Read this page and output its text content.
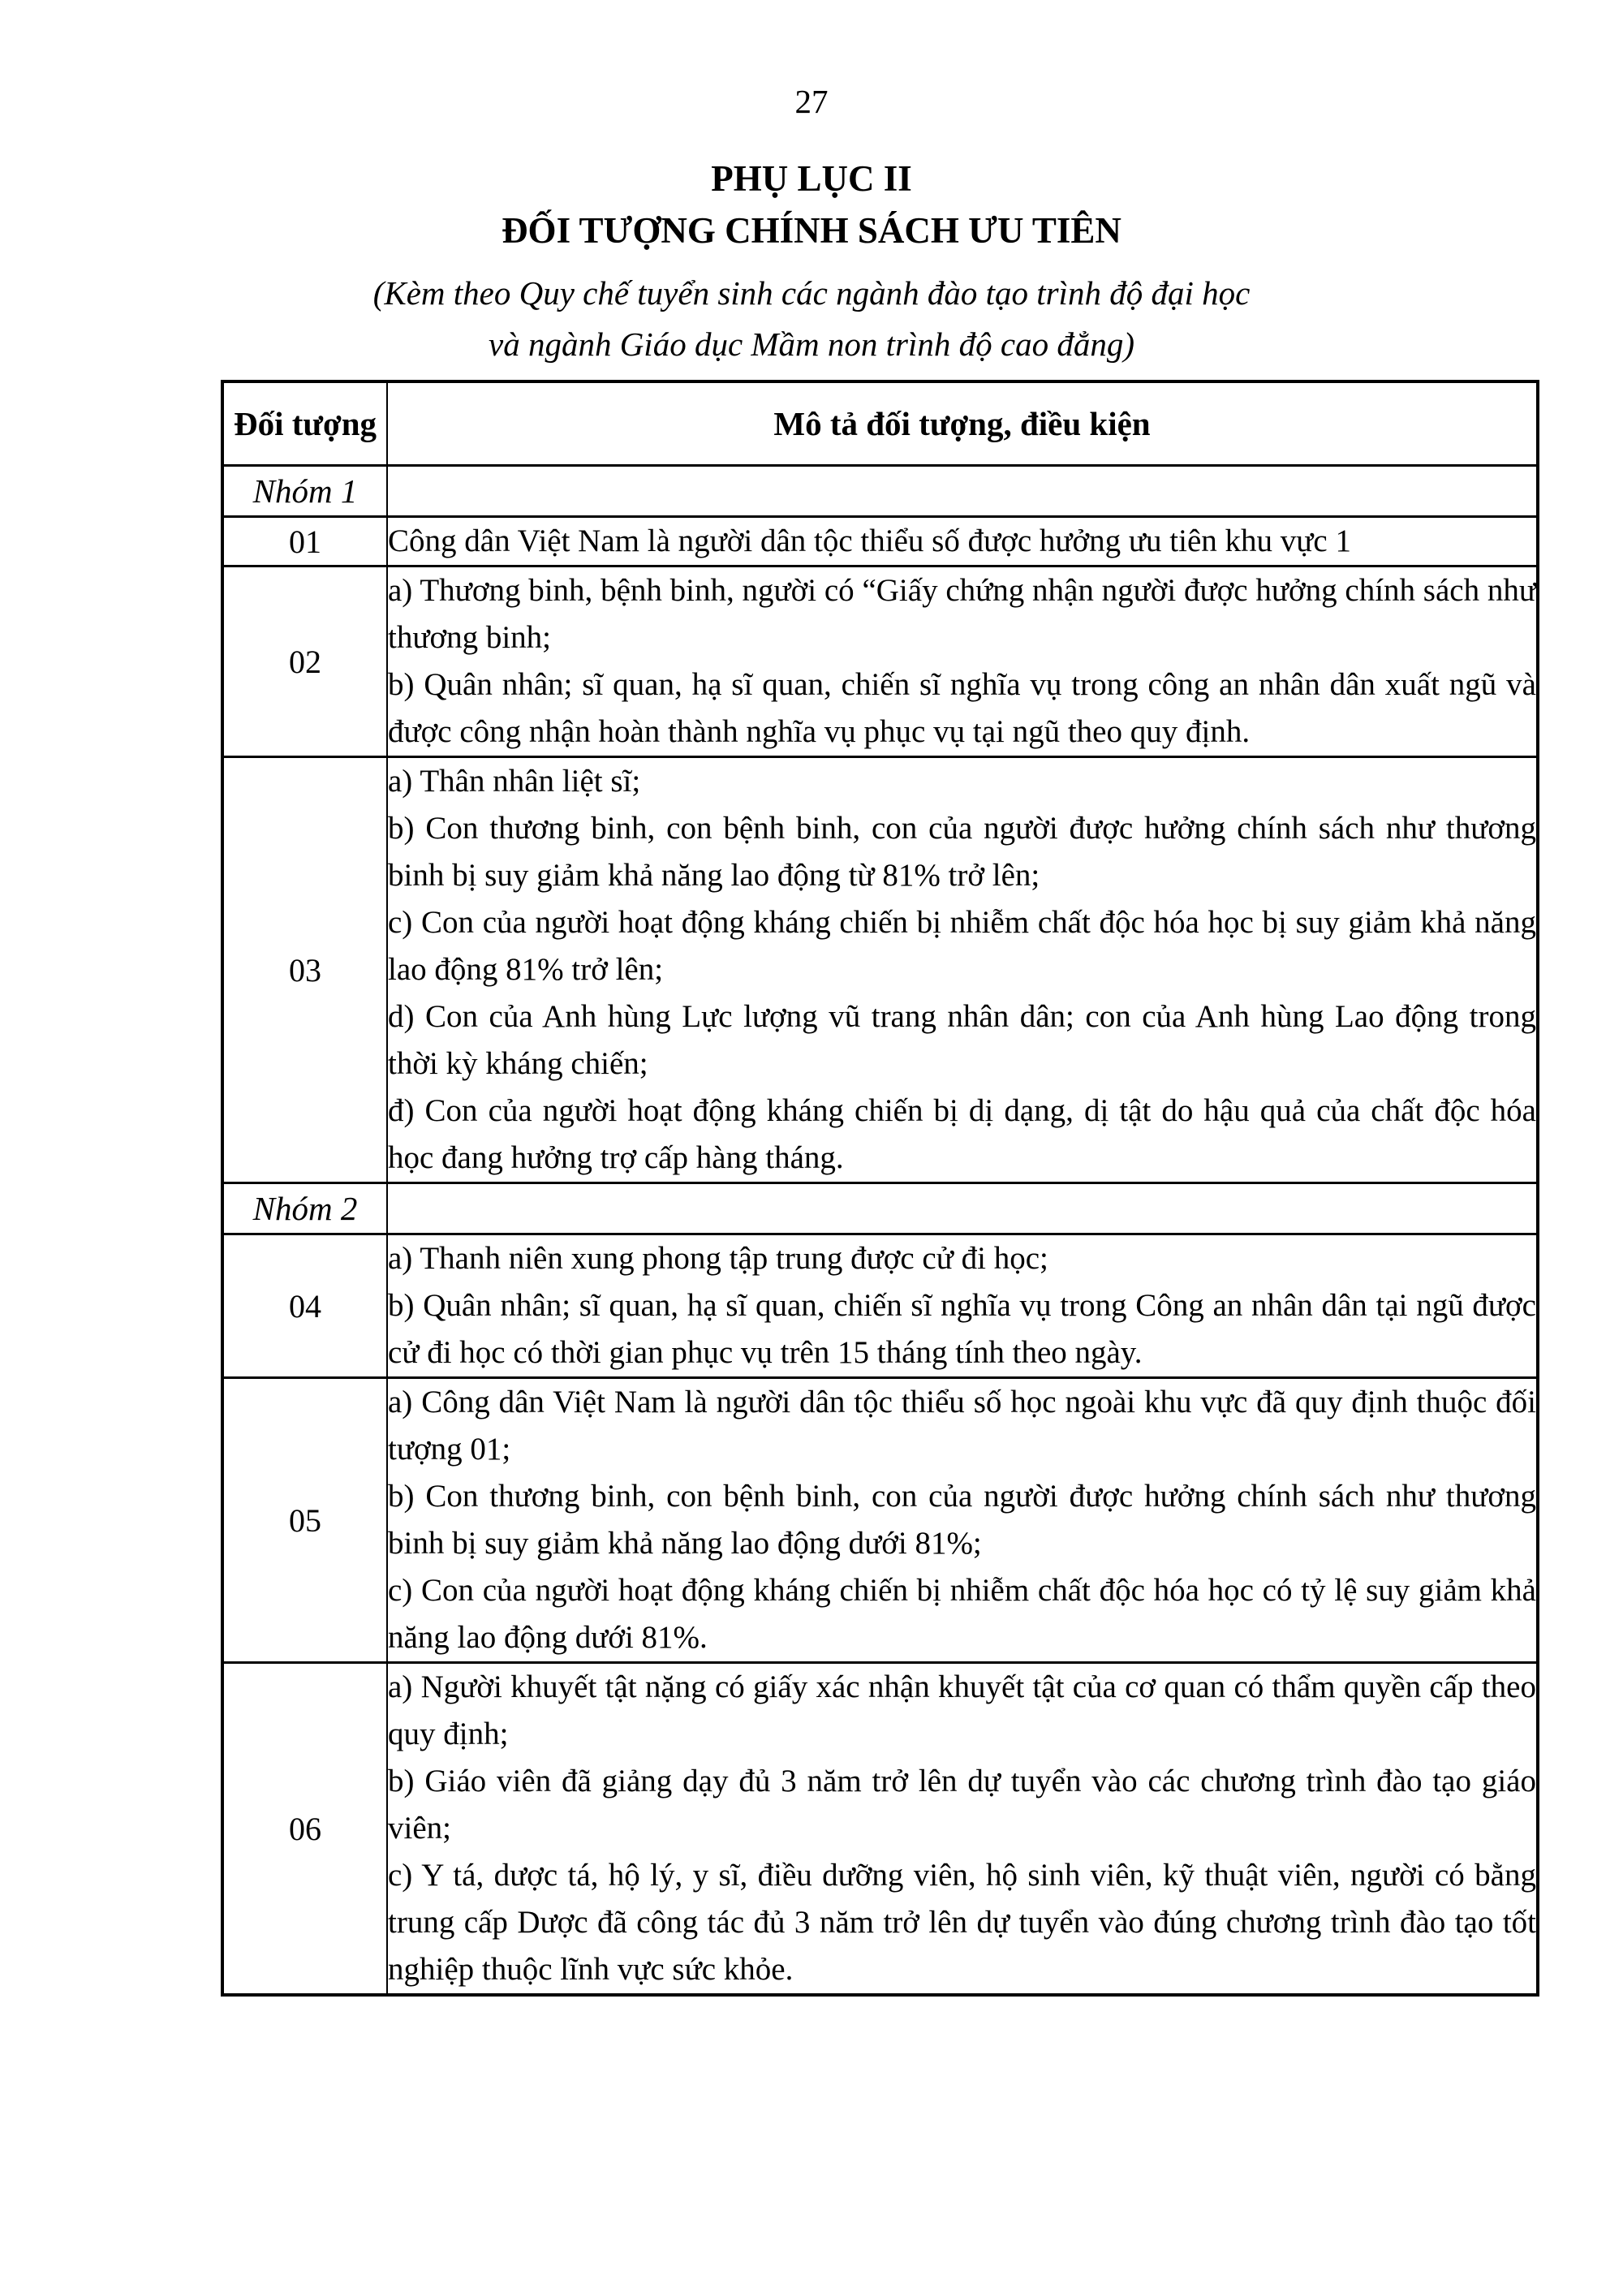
27
PHỤ LỤC II
ĐỐI TƯỢNG CHÍNH SÁCH ƯU TIÊN
(Kèm theo Quy chế tuyển sinh các ngành đào tạo trình độ đại học
và ngành Giáo dục Mầm non trình độ cao đẳng)
Đối tượng	Mô tả đối tượng, điều kiện
Nhóm 1	
01	Công dân Việt Nam là người dân tộc thiểu số được hưởng ưu tiên khu vực 1

02	a) Thương binh, bệnh binh, người có “Giấy chứng nhận người được hưởng chính sách như thương binh;

b) Quân nhân; sĩ quan, hạ sĩ quan, chiến sĩ nghĩa vụ trong công an nhân dân xuất ngũ và được công nhận hoàn thành nghĩa vụ phục vụ tại ngũ theo quy định.

03	a) Thân nhân liệt sĩ;

b) Con thương binh, con bệnh binh, con của người được hưởng chính sách như thương binh bị suy giảm khả năng lao động từ 81% trở lên;

c) Con của người hoạt động kháng chiến bị nhiễm chất độc hóa học bị suy giảm khả năng lao động 81% trở lên;

d) Con của Anh hùng Lực lượng vũ trang nhân dân; con của Anh hùng Lao động trong thời kỳ kháng chiến;

đ) Con của người hoạt động kháng chiến bị dị dạng, dị tật do hậu quả của chất độc hóa học đang hưởng trợ cấp hàng tháng.

Nhóm 2	
04	a) Thanh niên xung phong tập trung được cử đi học;

b) Quân nhân; sĩ quan, hạ sĩ quan, chiến sĩ nghĩa vụ trong Công an nhân dân tại ngũ được cử đi học có thời gian phục vụ trên 15 tháng tính theo ngày.

05	a) Công dân Việt Nam là người dân tộc thiểu số học ngoài khu vực đã quy định thuộc đối tượng 01;

b) Con thương binh, con bệnh binh, con của người được hưởng chính sách như thương binh bị suy giảm khả năng lao động dưới 81%;

c) Con của người hoạt động kháng chiến bị nhiễm chất độc hóa học có tỷ lệ suy giảm khả năng lao động dưới 81%.

06	a) Người khuyết tật nặng có giấy xác nhận khuyết tật của cơ quan có thẩm quyền cấp theo quy định;

b) Giáo viên đã giảng dạy đủ 3 năm trở lên dự tuyển vào các chương trình đào tạo giáo viên;

c) Y tá, dược tá, hộ lý, y sĩ, điều dưỡng viên, hộ sinh viên, kỹ thuật viên, người có bằng trung cấp Dược đã công tác đủ 3 năm trở lên dự tuyển vào đúng chương trình đào tạo tốt nghiệp thuộc lĩnh vực sức khỏe.
